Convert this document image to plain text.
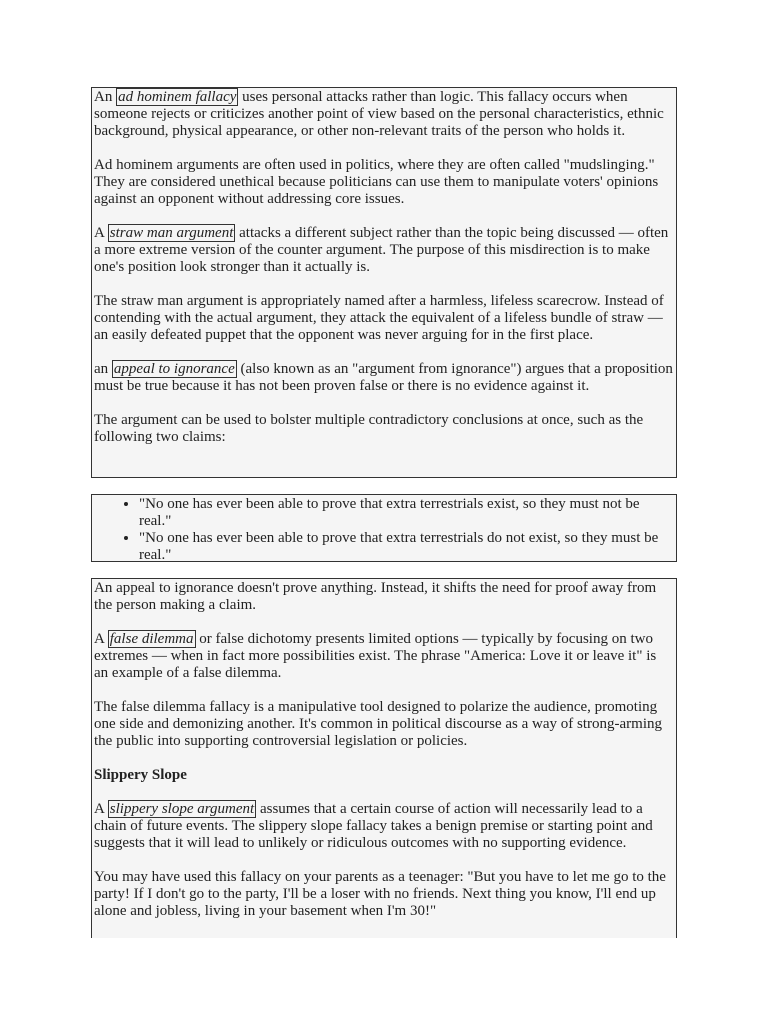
An ad hominem fallacy uses personal attacks rather than logic. This fallacy occurs when someone rejects or criticizes another point of view based on the personal characteristics, ethnic background, physical appearance, or other non-relevant traits of the person who holds it.

Ad hominem arguments are often used in politics, where they are often called "mudslinging." They are considered unethical because politicians can use them to manipulate voters' opinions against an opponent without addressing core issues.

A straw man argument attacks a different subject rather than the topic being discussed — often a more extreme version of the counter argument. The purpose of this misdirection is to make one's position look stronger than it actually is.

The straw man argument is appropriately named after a harmless, lifeless scarecrow. Instead of contending with the actual argument, they attack the equivalent of a lifeless bundle of straw — an easily defeated puppet that the opponent was never arguing for in the first place.

an appeal to ignorance (also known as an "argument from ignorance") argues that a proposition must be true because it has not been proven false or there is no evidence against it.

The argument can be used to bolster multiple contradictory conclusions at once, such as the following two claims:

• "No one has ever been able to prove that extra terrestrials exist, so they must not be real."
• "No one has ever been able to prove that extra terrestrials do not exist, so they must be real."

An appeal to ignorance doesn't prove anything. Instead, it shifts the need for proof away from the person making a claim.

A false dilemma or false dichotomy presents limited options — typically by focusing on two extremes — when in fact more possibilities exist. The phrase "America: Love it or leave it" is an example of a false dilemma.

The false dilemma fallacy is a manipulative tool designed to polarize the audience, promoting one side and demonizing another. It's common in political discourse as a way of strong-arming the public into supporting controversial legislation or policies.

Slippery Slope

A slippery slope argument assumes that a certain course of action will necessarily lead to a chain of future events. The slippery slope fallacy takes a benign premise or starting point and suggests that it will lead to unlikely or ridiculous outcomes with no supporting evidence.

You may have used this fallacy on your parents as a teenager: "But you have to let me go to the party! If I don't go to the party, I'll be a loser with no friends. Next thing you know, I'll end up alone and jobless, living in your basement when I'm 30!"
